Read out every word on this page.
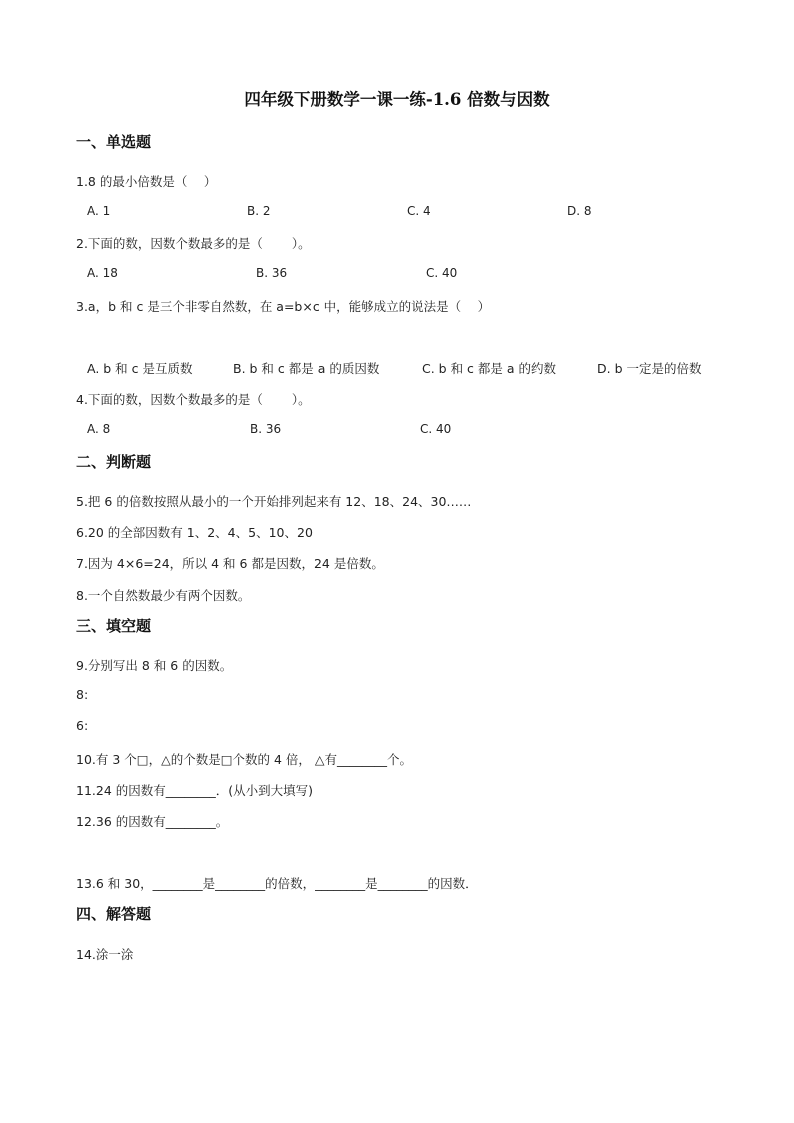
四年级下册数学一课一练-1.6 倍数与因数
一、单选题
1.8 的最小倍数是（　 ）
A. 1	B. 2	C. 4	D. 8
2.下面的数，因数个数最多的是（　　 ）。
A. 18	B. 36	C. 40
3.a，b 和 c 是三个非零自然数，在 a=b×c 中，能够成立的说法是（　 ）
A. b 和 c 是互质数	B. b 和 c 都是 a 的质因数	C. b 和 c 都是 a 的约数	D. b 一定是的倍数
4.下面的数，因数个数最多的是（　　 ）。
A. 8	B. 36	C. 40
二、判断题
5.把 6 的倍数按照从最小的一个开始排列起来有 12、18、24、30……
6.20 的全部因数有 1、2、4、5、10、20
7.因为 4×6=24，所以 4 和 6 都是因数，24 是倍数。
8.一个自然数最少有两个因数。
三、填空题
9.分别写出 8 和 6 的因数。
8:
6:
10.有 3 个□，△的个数是□个数的 4 倍， △有________个。
11.24 的因数有________．(从小到大填写)
12.36 的因数有________。
13.6 和 30，________是________的倍数，________是________的因数．
四、解答题
14.涂一涂
